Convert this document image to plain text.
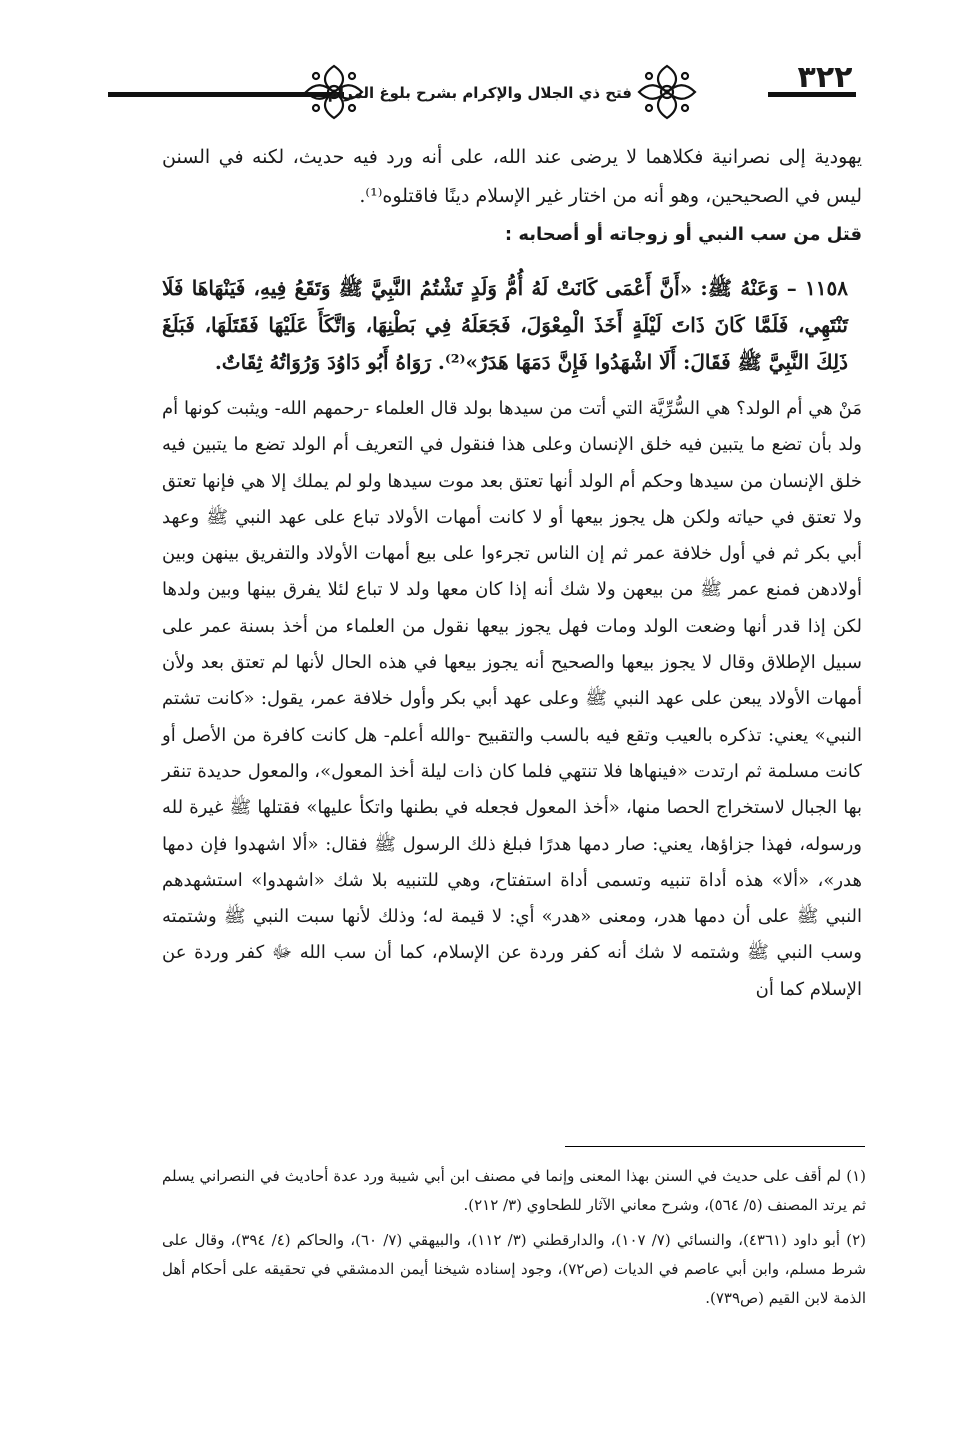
فتح ذي الجلال والإكرام بشرح بلوغ المرام	٣٢٢

يهودية إلى نصرانية فكلاهما لا يرضى عند الله، على أنه ورد فيه حديث، لكنه في السنن ليس في الصحيحين، وهو أنه من اختار غير الإسلام دينًا فاقتلوه⁽¹⁾.

قتل من سب النبي أو زوجاته أو أصحابه :

١١٥٨ – وَعَنْهُ ﷺ: «أَنَّ أَعْمَى كَانَتْ لَهُ أُمُّ وَلَدٍ تَشْتُمُ النَّبِيَّ ﷺ وَتَقَعُ فِيهِ، فَيَنْهَاهَا فَلَا تَنْتَهِي، فَلَمَّا كَانَ ذَاتَ لَيْلَةٍ أَخَذَ الْمِعْوَلَ، فَجَعَلَهُ فِي بَطْنِهَا، وَاتَّكَأَ عَلَيْهَا فَقَتَلَهَا، فَبَلَغَ ذَلِكَ النَّبِيَّ ﷺ فَقَالَ: أَلَا اشْهَدُوا فَإِنَّ دَمَهَا هَدَرٌ»⁽²⁾. رَوَاهُ أَبُو دَاوُدَ وَرُوَاتُهُ ثِقَاتٌ.

مَنْ هي أم الولد؟ هي السُّرِّيَّة التي أتت من سيدها بولد قال العلماء -رحمهم الله- ويثبت كونها أم ولد بأن تضع ما يتبين فيه خلق الإنسان وعلى هذا فنقول في التعريف أم الولد تضع ما يتبين فيه خلق الإنسان من سيدها وحكم أم الولد أنها تعتق بعد موت سيدها ولو لم يملك إلا هي فإنها تعتق ولا تعتق في حياته ولكن هل يجوز بيعها أو لا كانت أمهات الأولاد تباع على عهد النبي ﷺ وعهد أبي بكر ثم في أول خلافة عمر ثم إن الناس تجرءوا على بيع أمهات الأولاد والتفريق بينهن وبين أولادهن فمنع عمر ﷺ من بيعهن ولا شك أنه إذا كان معها ولد لا تباع لئلا يفرق بينها وبين ولدها لكن إذا قدر أنها وضعت الولد ومات فهل يجوز بيعها نقول من العلماء من أخذ بسنة عمر على سبيل الإطلاق وقال لا يجوز بيعها والصحيح أنه يجوز بيعها في هذه الحال لأنها لم تعتق بعد ولأن أمهات الأولاد يبعن على عهد النبي ﷺ وعلى عهد أبي بكر وأول خلافة عمر، يقول: «كانت تشتم النبي» يعني: تذكره بالعيب وتقع فيه بالسب والتقبيح -والله أعلم- هل كانت كافرة من الأصل أو كانت مسلمة ثم ارتدت «فينهاها فلا تنتهي فلما كان ذات ليلة أخذ المعول»، والمعول حديدة تنقر بها الجبال لاستخراج الحصا منها، «أخذ المعول فجعله في بطنها واتكأ عليها» فقتلها ﷺ غيرة لله ورسوله، فهذا جزاؤها، يعني: صار دمها هدرًا فبلغ ذلك الرسول ﷺ فقال: «ألا اشهدوا فإن دمها هدر»، «ألا» هذه أداة تنبيه وتسمى أداة استفتاح، وهي للتنبيه بلا شك «اشهدوا» استشهدهم النبي ﷺ على أن دمها هدر، ومعنى «هدر» أي: لا قيمة له؛ وذلك لأنها سبت النبي ﷺ وشتمته وسب النبي ﷺ وشتمه لا شك أنه كفر وردة عن الإسلام، كما أن سب الله ﷻ كفر وردة عن الإسلام كما أن

(١) لم أقف على حديث في السنن بهذا المعنى وإنما في مصنف ابن أبي شيبة ورد عدة أحاديث في النصراني يسلم ثم يرتد المصنف (٥/ ٥٦٤)، وشرح معاني الآثار للطحاوي (٣/ ٢١٢).

(٢) أبو داود (٤٣٦١)، والنسائي (٧/ ١٠٧)، والدارقطني (٣/ ١١٢)، والبيهقي (٧/ ٦٠)، والحاكم (٤/ ٣٩٤)، وقال على شرط مسلم، وابن أبي عاصم في الديات (ص٧٢)، وجود إسناده شيخنا أيمن الدمشقي في تحقيقه على أحكام أهل الذمة لابن القيم (ص٧٣٩).
